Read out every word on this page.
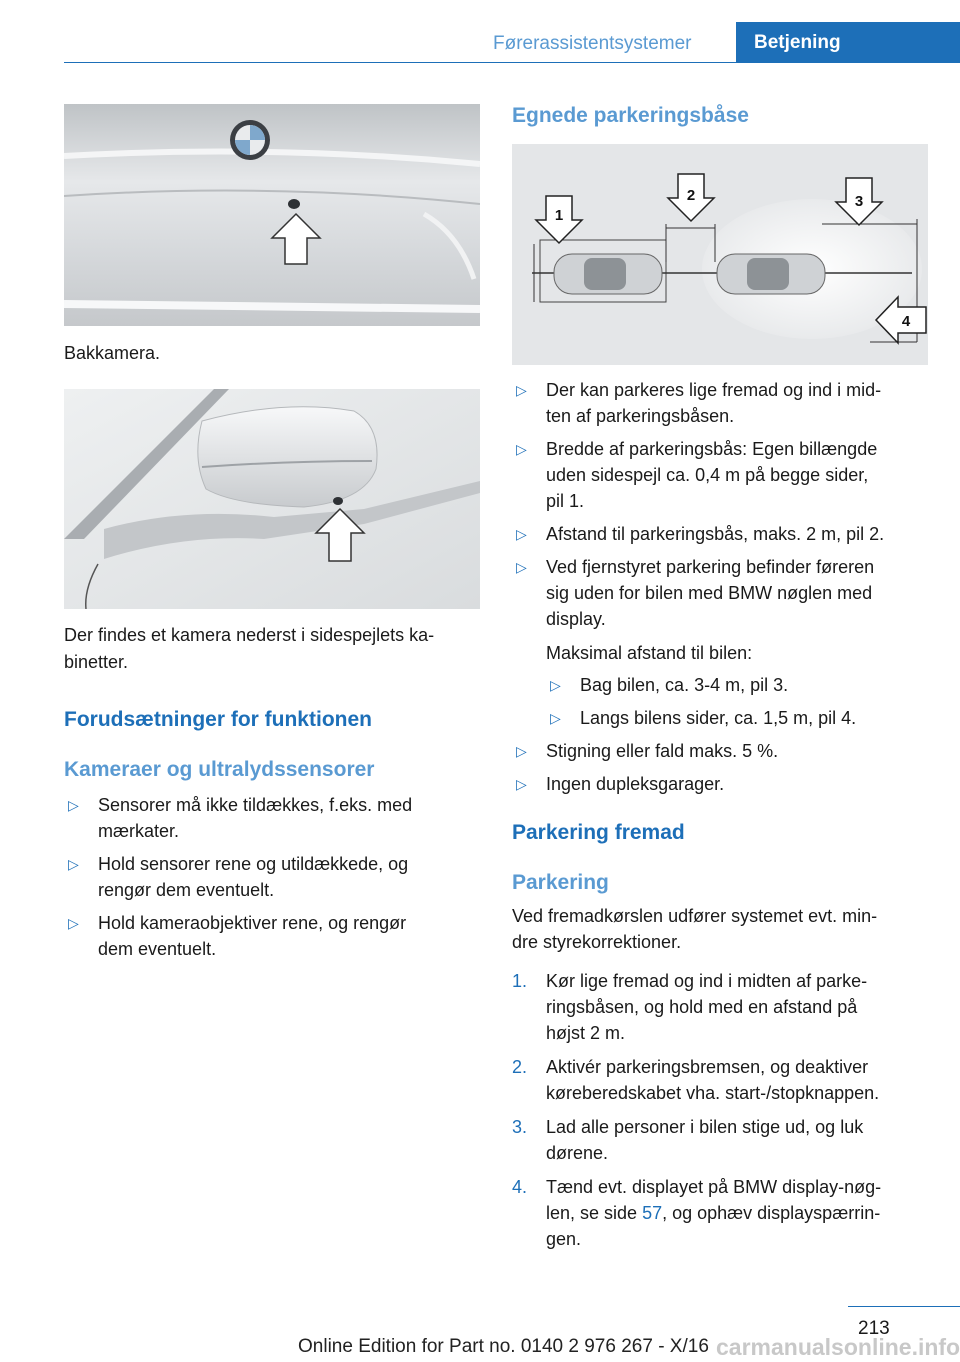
Førerassistentsystemer	Betjening
Bakkamera.
Der findes et kamera nederst i sidespejlets ka-
binetter.
Forudsætninger for funktionen
Kameraer og ultralydssensorer
▷ Sensorer må ikke tildækkes, f.eks. med
mærkater.
▷ Hold sensorer rene og utildækkede, og
rengør dem eventuelt.
▷ Hold kameraobjektiver rene, og rengør
dem eventuelt.
Egnede parkeringsbåse
1
2	3
4
▷ Der kan parkeres lige fremad og ind i mid-
ten af parkeringsbåsen.
▷ Bredde af parkeringsbås: Egen billængde
uden sidespejl ca. 0,4 m på begge sider,
pil 1.
▷ Afstand til parkeringsbås, maks. 2 m, pil 2.
▷ Ved fjernstyret parkering befinder føreren
sig uden for bilen med BMW nøglen med
display.
Maksimal afstand til bilen:
▷ Bag bilen, ca. 3-4 m, pil 3.
▷ Langs bilens sider, ca. 1,5 m, pil 4.
▷ Stigning eller fald maks. 5 %.
▷ Ingen dupleksgarager.
Parkering fremad
Parkering
Ved fremadkørslen udfører systemet evt. min-
dre styrekorrektioner.
1. Kør lige fremad og ind i midten af parke-
ringsbåsen, og hold med en afstand på
højst 2 m.
2. Aktivér parkeringsbremsen, og deaktiver
køreberedskabet vha. start-/stopknappen.
3. Lad alle personer i bilen stige ud, og luk
dørene.
4. Tænd evt. displayet på BMW display-nøg-
len, se side 57, og ophæv displayspærrin-
gen.
213
Online Edition for Part no. 0140 2 976 267 - X/16 carmanualsonline.info
